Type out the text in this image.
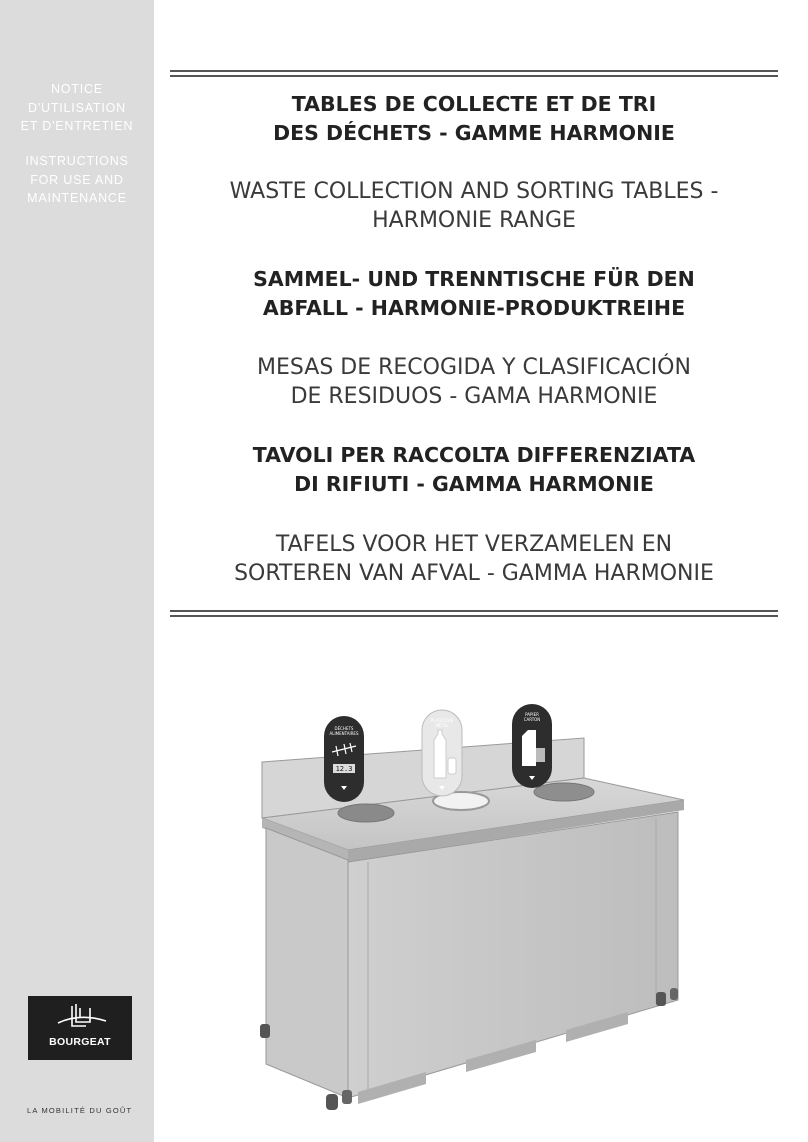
NOTICE
D'UTILISATION
ET D'ENTRETIEN
INSTRUCTIONS
FOR USE AND
MAINTENANCE
BOURGEAT
LA MOBILITÉ DU GOÛT
TABLES DE COLLECTE ET DE TRI
DES DÉCHETS - GAMME HARMONIE
WASTE COLLECTION AND SORTING TABLES -
HARMONIE RANGE
SAMMEL- UND TRENNTISCHE FÜR DEN
ABFALL - HARMONIE-PRODUKTREIHE
MESAS DE RECOGIDA Y CLASIFICACIÓN
DE RESIDUOS - GAMA HARMONIE
TAVOLI PER RACCOLTA DIFFERENZIATA
DI RIFIUTI - GAMMA HARMONIE
TAFELS VOOR HET VERZAMELEN EN
SORTEREN VAN AFVAL - GAMMA HARMONIE
DÉCHETS
ALIMENTAIRES
12.3
PLASTIQUE
MÉTAL
PAPIER
CARTON
